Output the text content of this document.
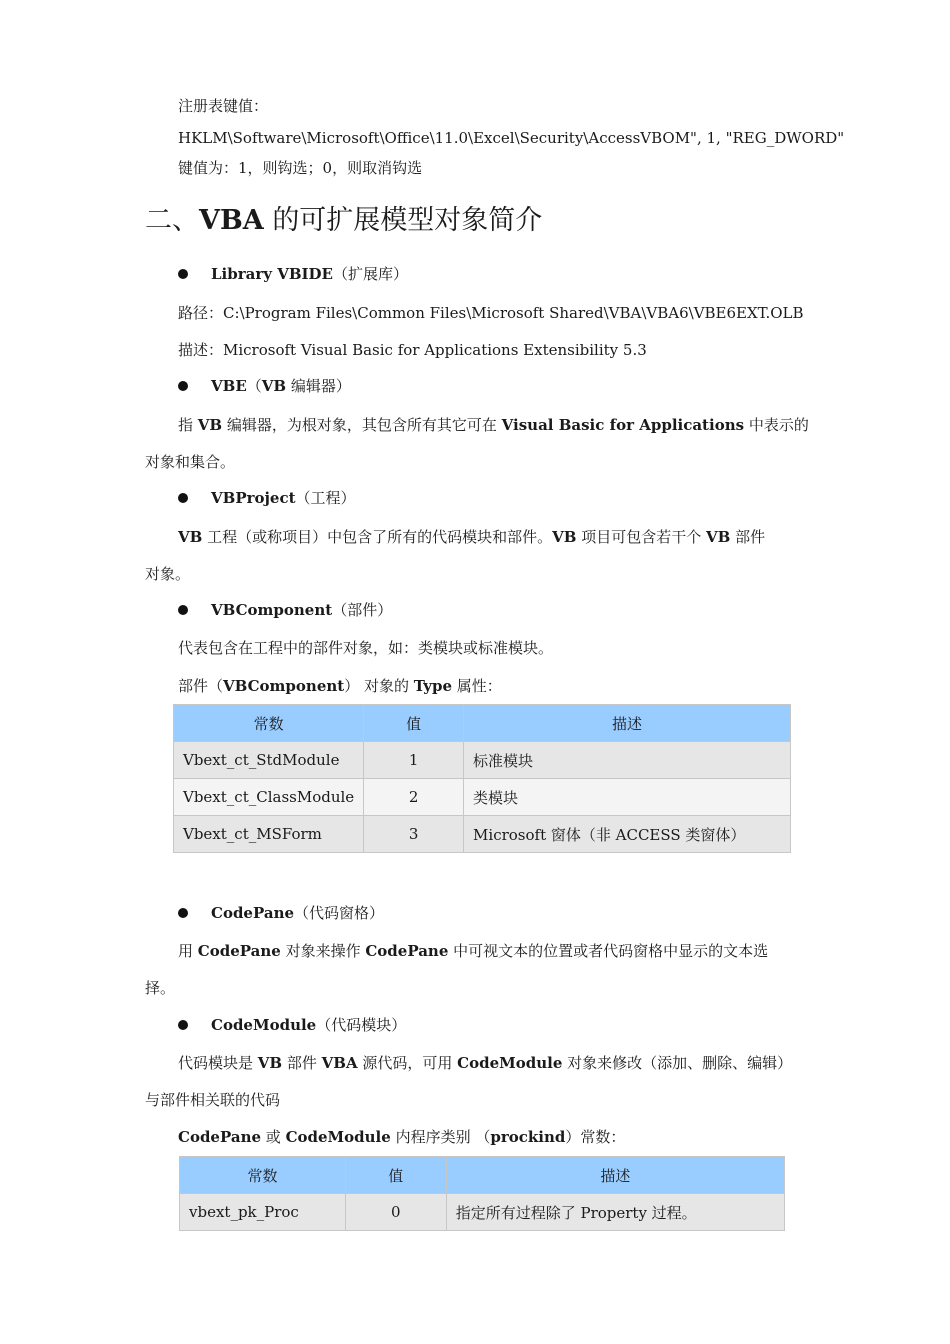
注册表键值：
HKLM\Software\Microsoft\Office\11.0\Excel\Security\AccessVBOM", 1, "REG_DWORD"
键值为：1，则钩选；0，则取消钩选
二、VBA 的可扩展模型对象简介
Library VBIDE（扩展库）
路径：C:\Program Files\Common Files\Microsoft Shared\VBA\VBA6\VBE6EXT.OLB
描述：Microsoft Visual Basic for Applications Extensibility 5.3
VBE（VB 编辑器）
指 VB 编辑器，为根对象，其包含所有其它可在 Visual Basic for Applications 中表示的
对象和集合。
VBProject（工程）
VB 工程（或称项目）中包含了所有的代码模块和部件。VB 项目可包含若干个 VB 部件
对象。
VBComponent（部件）
代表包含在工程中的部件对象，如：类模块或标准模块。
部件（VBComponent） 对象的 Type 属性：
常数	值	描述
Vbext_ct_StdModule	1	标准模块
Vbext_ct_ClassModule	2	类模块
Vbext_ct_MSForm	3	Microsoft 窗体（非 ACCESS 类窗体）
CodePane（代码窗格）
用 CodePane 对象来操作 CodePane 中可视文本的位置或者代码窗格中显示的文本选
择。
CodeModule（代码模块）
代码模块是 VB 部件 VBA 源代码，可用 CodeModule 对象来修改（添加、删除、编辑）
与部件相关联的代码
CodePane 或 CodeModule 内程序类别 （prockind）常数：
常数	值	描述
vbext_pk_Proc	0	指定所有过程除了 Property 过程。
